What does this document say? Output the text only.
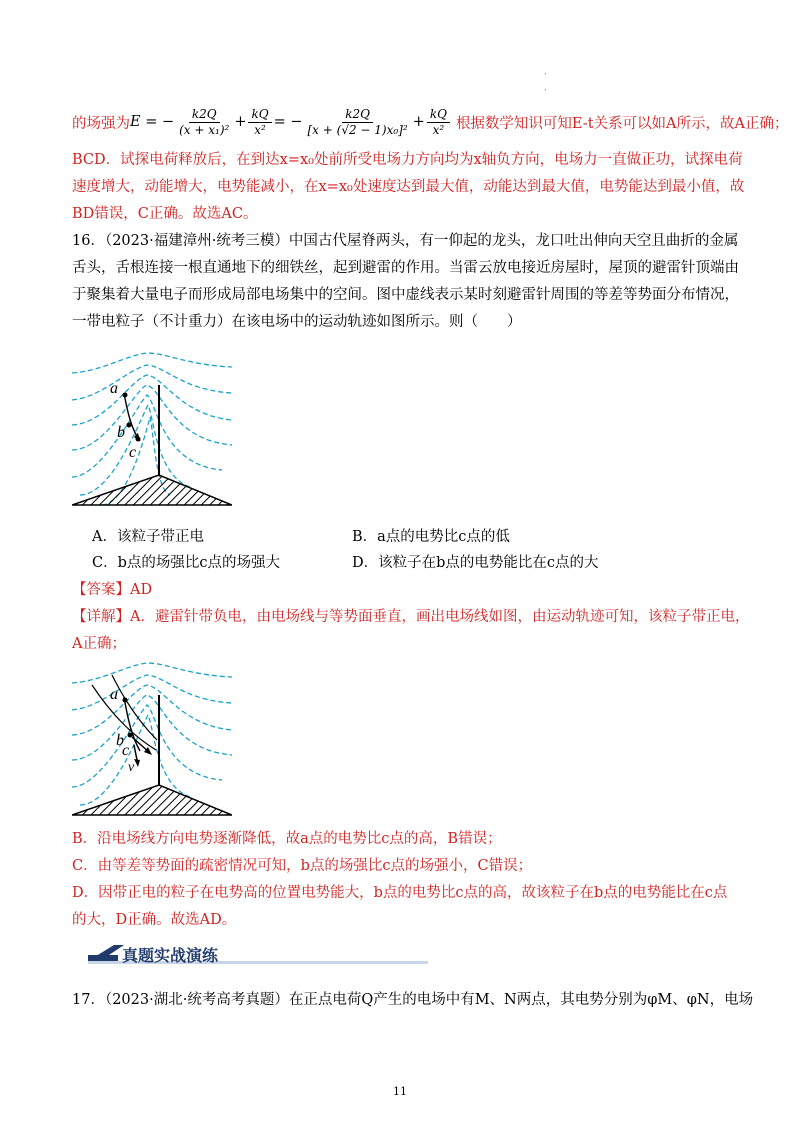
·
·
的场强为 E = − $\frac{k2Q}{\text{(x + x₁)²}} + \frac{kQ}{\text{x²}}$ = − $\frac{k2Q}{\text{[x + (√2 − 1)x₀]²}} + \frac{kQ}{\text{x²}}$ 根据数学知识可知E-t关系可以如A所示，故A正确；
BCD．试探电荷释放后，在到达x=x₀处前所受电场力方向均为x轴负方向，电场力一直做正功，试探电荷
速度增大，动能增大，电势能减小，在x=x₀处速度达到最大值，动能达到最大值，电势能达到最小值，故
BD错误，C正确。故选AC。
16．（2023·福建漳州·统考三模）中国古代屋脊两头，有一仰起的龙头，龙口吐出伸向天空且曲折的金属
舌头，舌根连接一根直通地下的细铁丝，起到避雷的作用。当雷云放电接近房屋时，屋顶的避雷针顶端由
于聚集着大量电子而形成局部电场集中的空间。图中虚线表示某时刻避雷针周围的等差等势面分布情况，
一带电粒子（不计重力）在该电场中的运动轨迹如图所示。则（　　）
a
b
c
A．该粒子带正电	B．a点的电势比c点的低
C．b点的场强比c点的场强大	D．该粒子在b点的电势能比在c点的大
【答案】AD
【详解】A．避雷针带负电，由电场线与等势面垂直，画出电场线如图，由运动轨迹可知，该粒子带正电，
A正确；
a
b
c
v
B．沿电场线方向电势逐渐降低，故a点的电势比c点的高，B错误；
C．由等差等势面的疏密情况可知，b点的场强比c点的场强小，C错误；
D．因带正电的粒子在电势高的位置电势能大，b点的电势比c点的高，故该粒子在b点的电势能比在c点
的大，D正确。故选AD。
真题实战演练
17．（2023·湖北·统考高考真题）在正点电荷Q产生的电场中有M、N两点，其电势分别为φM、φN，电场
11
